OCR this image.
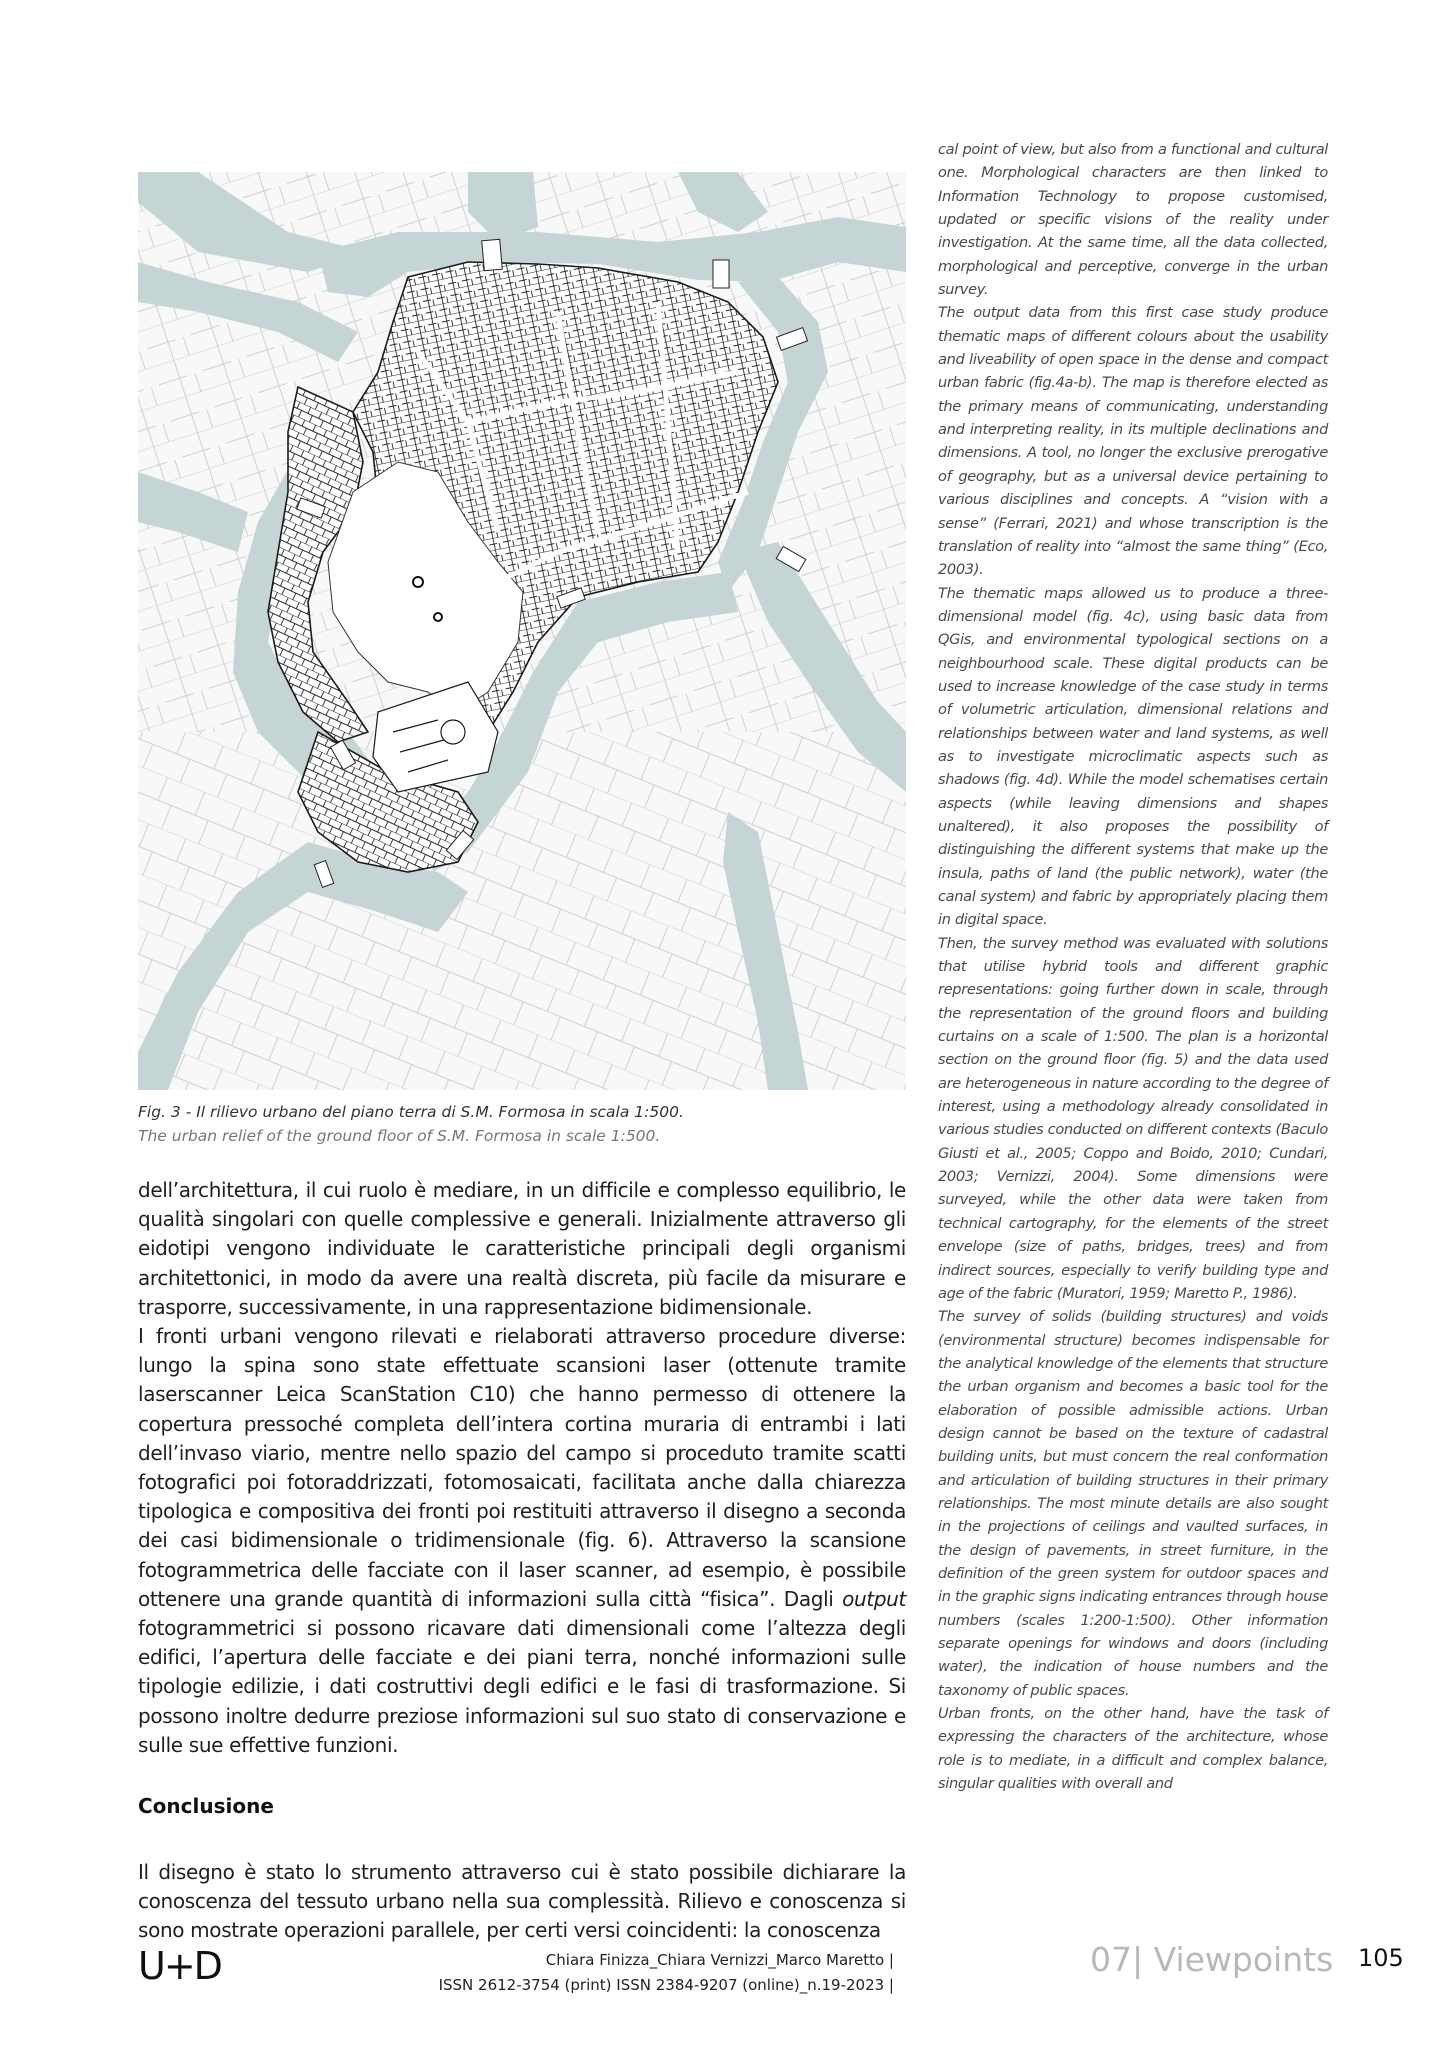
Fig. 3 - Il rilievo urbano del piano terra di S.M. Formosa in scala 1:500.
The urban relief of the ground floor of S.M. Formosa in scale 1:500.

dell’architettura, il cui ruolo è mediare, in un difficile e complesso equilibrio, le qualità singolari con quelle complessive e generali. Inizialmente attraverso gli eidotipi vengono individuate le caratteristiche principali degli organismi architettonici, in modo da avere una realtà discreta, più facile da misurare e trasporre, successivamente, in una rappresentazione bidimensionale.

I fronti urbani vengono rilevati e rielaborati attraverso procedure diverse: lungo la spina sono state effettuate scansioni laser (ottenute tramite laserscanner Leica ScanStation C10) che hanno permesso di ottenere la copertura pressoché completa dell’intera cortina muraria di entrambi i lati dell’invaso viario, mentre nello spazio del campo si proceduto tramite scatti fotografici poi fotoraddrizzati, fotomosaicati, facilitata anche dalla chiarezza tipologica e compositiva dei fronti poi restituiti attraverso il disegno a seconda dei casi bidimensionale o tridimensionale (fig. 6). Attraverso la scansione fotogrammetrica delle facciate con il laser scanner, ad esempio, è possibile ottenere una grande quantità di informazioni sulla città “fisica”. Dagli output fotogrammetrici si possono ricavare dati dimensionali come l’altezza degli edifici, l’apertura delle facciate e dei piani terra, nonché informazioni sulle tipologie edilizie, i dati costruttivi degli edifici e le fasi di trasformazione. Si possono inoltre dedurre preziose informazioni sul suo stato di conservazione e sulle sue effettive funzioni.

Conclusione

Il disegno è stato lo strumento attraverso cui è stato possibile dichiarare la conoscenza del tessuto urbano nella sua complessità. Rilievo e conoscenza si sono mostrate operazioni parallele, per certi versi coincidenti: la conoscenza

cal point of view, but also from a functional and cultural one. Morphological characters are then linked to Information Technology to propose customised, updated or specific visions of the reality under investigation. At the same time, all the data collected, morphological and perceptive, converge in the urban survey.

The output data from this first case study produce thematic maps of different colours about the usability and liveability of open space in the dense and compact urban fabric (fig.4a-b). The map is therefore elected as the primary means of communicating, understanding and interpreting reality, in its multiple declinations and dimensions. A tool, no longer the exclusive prerogative of geography, but as a universal device pertaining to various disciplines and concepts. A “vision with a sense” (Ferrari, 2021) and whose transcription is the translation of reality into “almost the same thing” (Eco, 2003).

The thematic maps allowed us to produce a three-dimensional model (fig. 4c), using basic data from QGis, and environmental typological sections on a neighbourhood scale. These digital products can be used to increase knowledge of the case study in terms of volumetric articulation, dimensional relations and relationships between water and land systems, as well as to investigate microclimatic aspects such as shadows (fig. 4d). While the model schematises certain aspects (while leaving dimensions and shapes unaltered), it also proposes the possibility of distinguishing the different systems that make up the insula, paths of land (the public network), water (the canal system) and fabric by appropriately placing them in digital space.

Then, the survey method was evaluated with solutions that utilise hybrid tools and different graphic representations: going further down in scale, through the representation of the ground floors and building curtains on a scale of 1:500. The plan is a horizontal section on the ground floor (fig. 5) and the data used are heterogeneous in nature according to the degree of interest, using a methodology already consolidated in various studies conducted on different contexts (Baculo Giusti et al., 2005; Coppo and Boido, 2010; Cundari, 2003; Vernizzi, 2004). Some dimensions were surveyed, while the other data were taken from technical cartography, for the elements of the street envelope (size of paths, bridges, trees) and from indirect sources, especially to verify building type and age of the fabric (Muratori, 1959; Maretto P., 1986).

The survey of solids (building structures) and voids (environmental structure) becomes indispensable for the analytical knowledge of the elements that structure the urban organism and becomes a basic tool for the elaboration of possible admissible actions. Urban design cannot be based on the texture of cadastral building units, but must concern the real conformation and articulation of building structures in their primary relationships. The most minute details are also sought in the projections of ceilings and vaulted surfaces, in the design of pavements, in street furniture, in the definition of the green system for outdoor spaces and in the graphic signs indicating entrances through house numbers (scales 1:200-1:500). Other information separate openings for windows and doors (including water), the indication of house numbers and the taxonomy of public spaces.

Urban fronts, on the other hand, have the task of expressing the characters of the architecture, whose role is to mediate, in a difficult and complex balance, singular qualities with overall and

U+D	Chiara Finizza_Chiara Vernizzi_Marco Maretto |
ISSN 2612-3754 (print) ISSN 2384-9207 (online)_n.19-2023 |
07| Viewpoints 105
